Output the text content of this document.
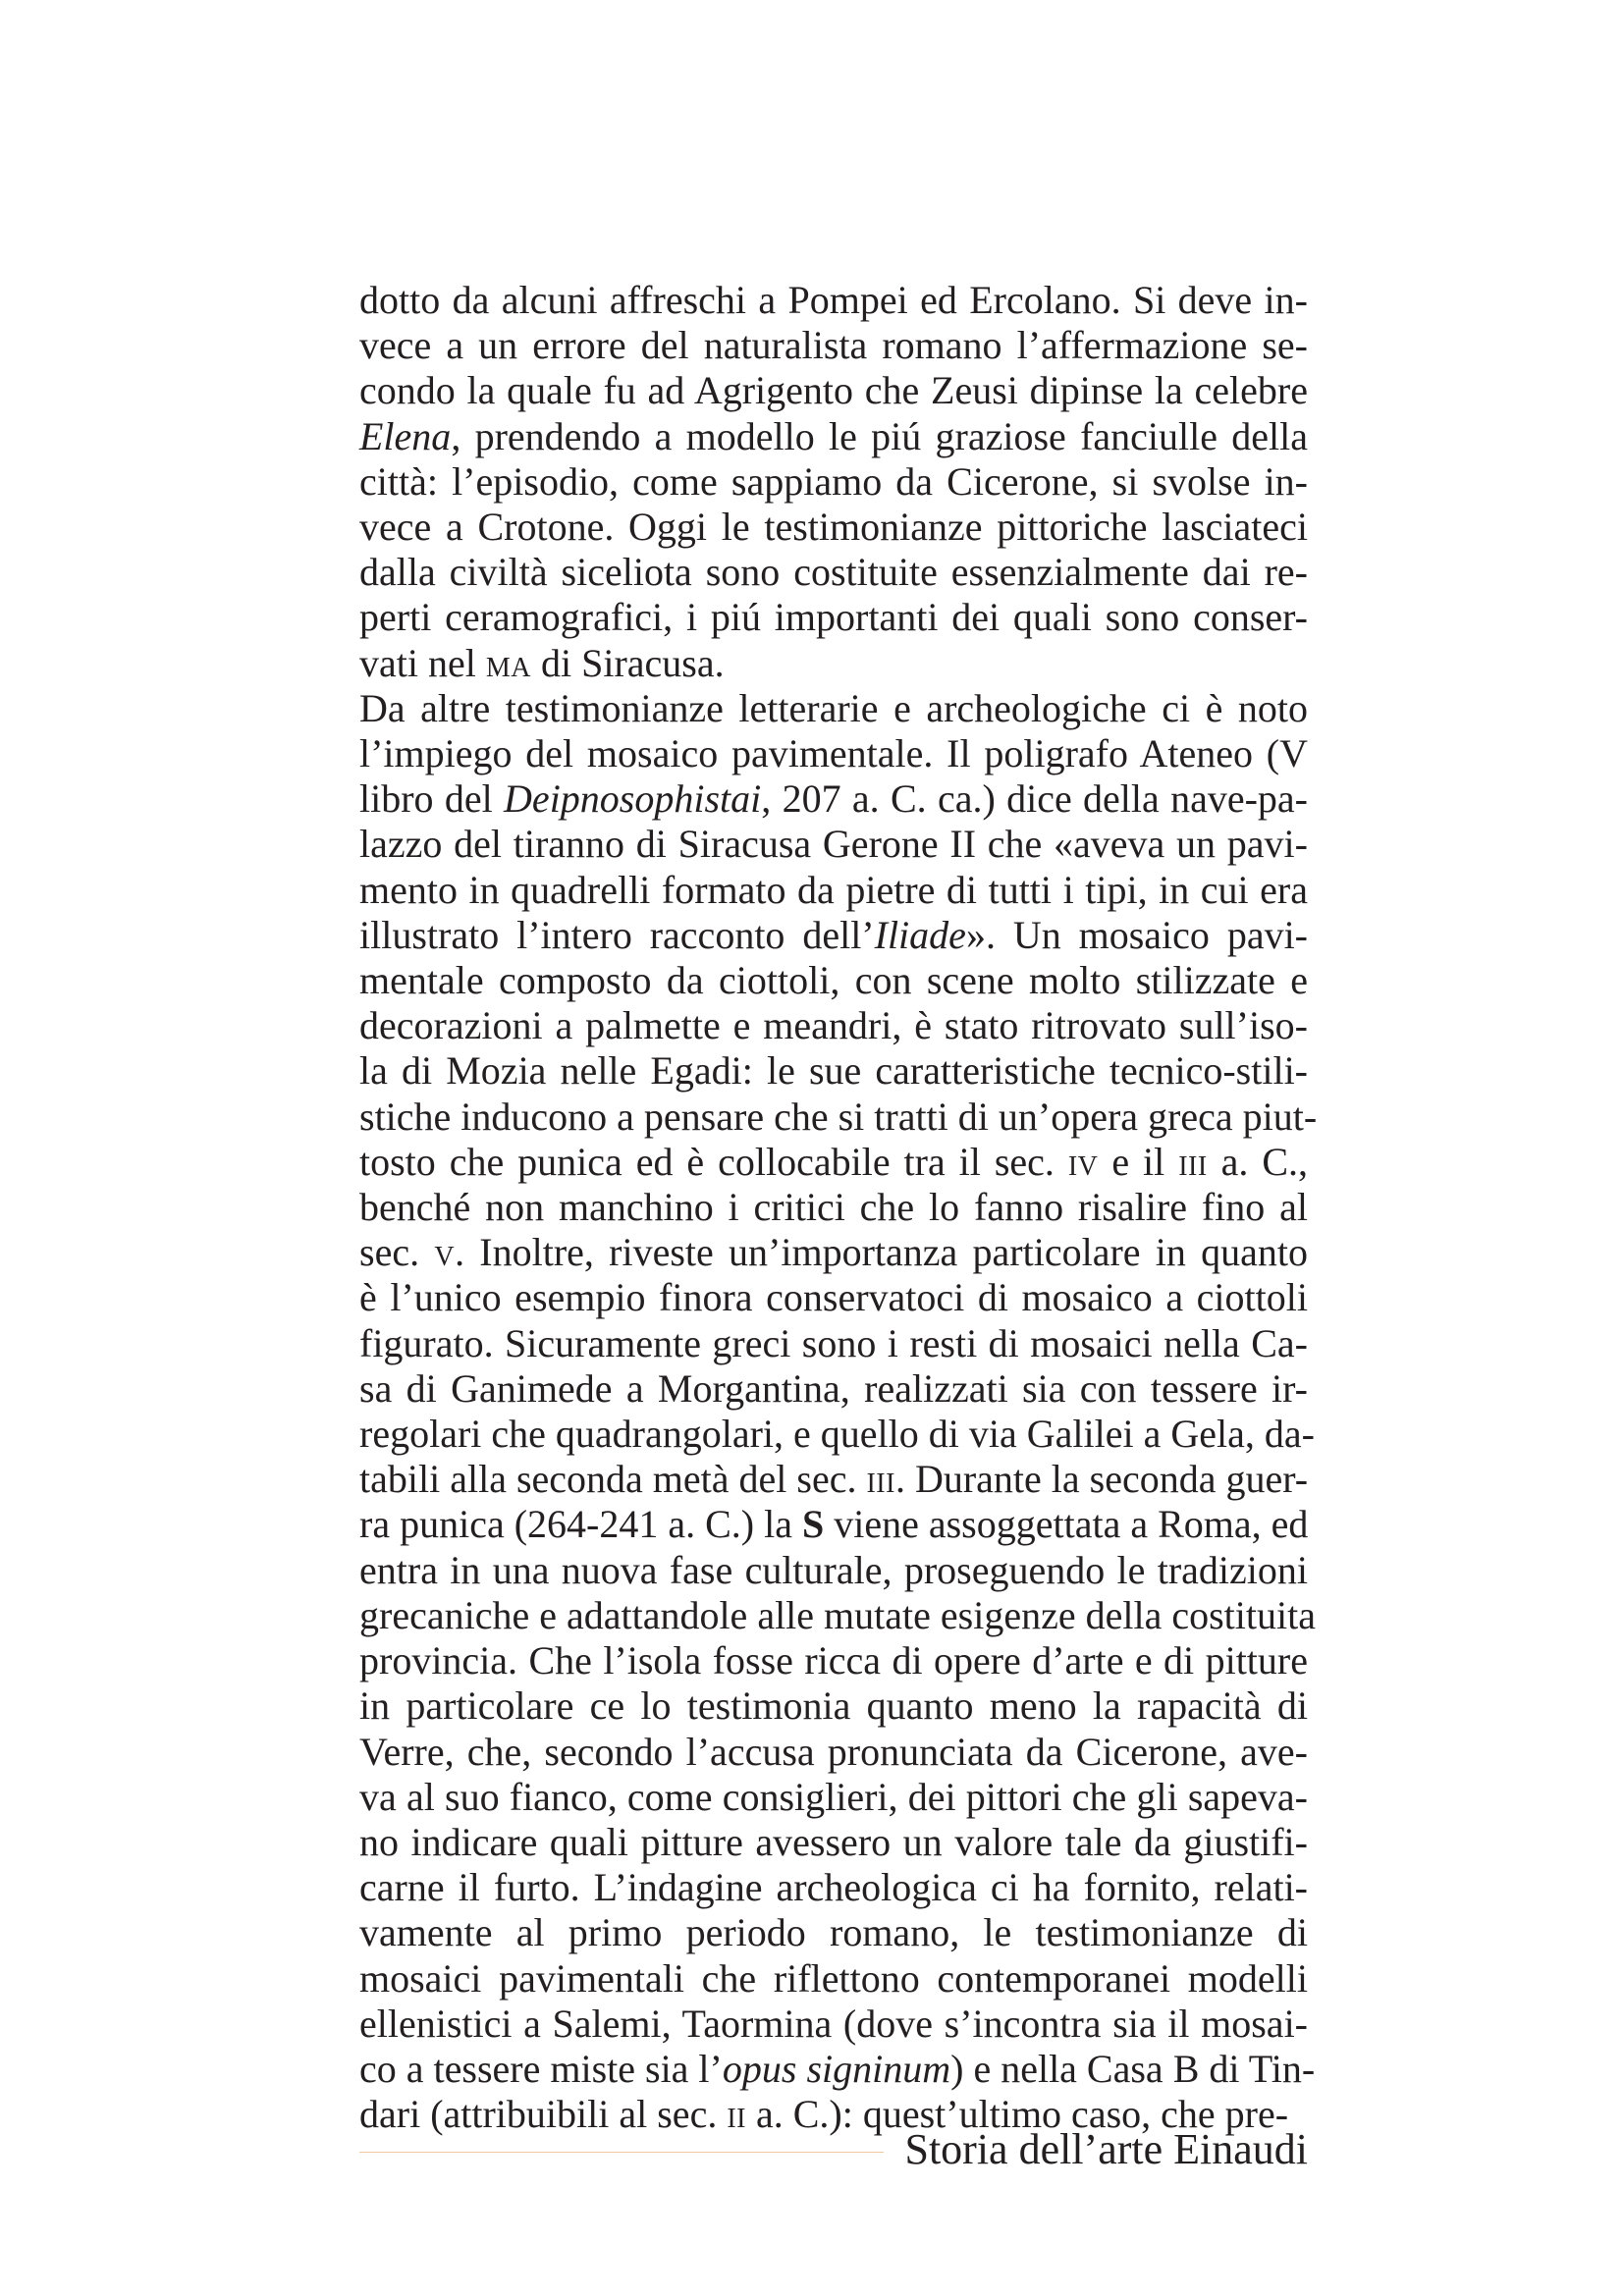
dotto da alcuni affreschi a Pompei ed Ercolano. Si deve in-
vece a un errore del naturalista romano l’affermazione se-
condo la quale fu ad Agrigento che Zeusi dipinse la celebre
Elena, prendendo a modello le piú graziose fanciulle della
città: l’episodio, come sappiamo da Cicerone, si svolse in-
vece a Crotone. Oggi le testimonianze pittoriche lasciateci
dalla civiltà siceliota sono costituite essenzialmente dai re-
perti ceramografici, i piú importanti dei quali sono conser-
vati nel ma di Siracusa.
Da altre testimonianze letterarie e archeologiche ci è noto
l’impiego del mosaico pavimentale. Il poligrafo Ateneo (V
libro del Deipnosophistai, 207 a. C. ca.) dice della nave-pa-
lazzo del tiranno di Siracusa Gerone II che «aveva un pavi-
mento in quadrelli formato da pietre di tutti i tipi, in cui era
illustrato l’intero racconto dell’Iliade». Un mosaico pavi-
mentale composto da ciottoli, con scene molto stilizzate e
decorazioni a palmette e meandri, è stato ritrovato sull’iso-
la di Mozia nelle Egadi: le sue caratteristiche tecnico-stili-
stiche inducono a pensare che si tratti di un’opera greca piut-
tosto che punica ed è collocabile tra il sec. iv e il iii a. C.,
benché non manchino i critici che lo fanno risalire fino al
sec. v. Inoltre, riveste un’importanza particolare in quanto
è l’unico esempio finora conservatoci di mosaico a ciottoli
figurato. Sicuramente greci sono i resti di mosaici nella Ca-
sa di Ganimede a Morgantina, realizzati sia con tessere ir-
regolari che quadrangolari, e quello di via Galilei a Gela, da-
tabili alla seconda metà del sec. iii. Durante la seconda guer-
ra punica (264-241 a. C.) la S viene assoggettata a Roma, ed
entra in una nuova fase culturale, proseguendo le tradizioni
grecaniche e adattandole alle mutate esigenze della costituita
provincia. Che l’isola fosse ricca di opere d’arte e di pitture
in particolare ce lo testimonia quanto meno la rapacità di
Verre, che, secondo l’accusa pronunciata da Cicerone, ave-
va al suo fianco, come consiglieri, dei pittori che gli sapeva-
no indicare quali pitture avessero un valore tale da giustifi-
carne il furto. L’indagine archeologica ci ha fornito, relati-
vamente al primo periodo romano, le testimonianze di
mosaici pavimentali che riflettono contemporanei modelli
ellenistici a Salemi, Taormina (dove s’incontra sia il mosai-
co a tessere miste sia l’opus signinum) e nella Casa B di Tin-
dari (attribuibili al sec. ii a. C.): quest’ultimo caso, che pre-
Storia dell’arte Einaudi
